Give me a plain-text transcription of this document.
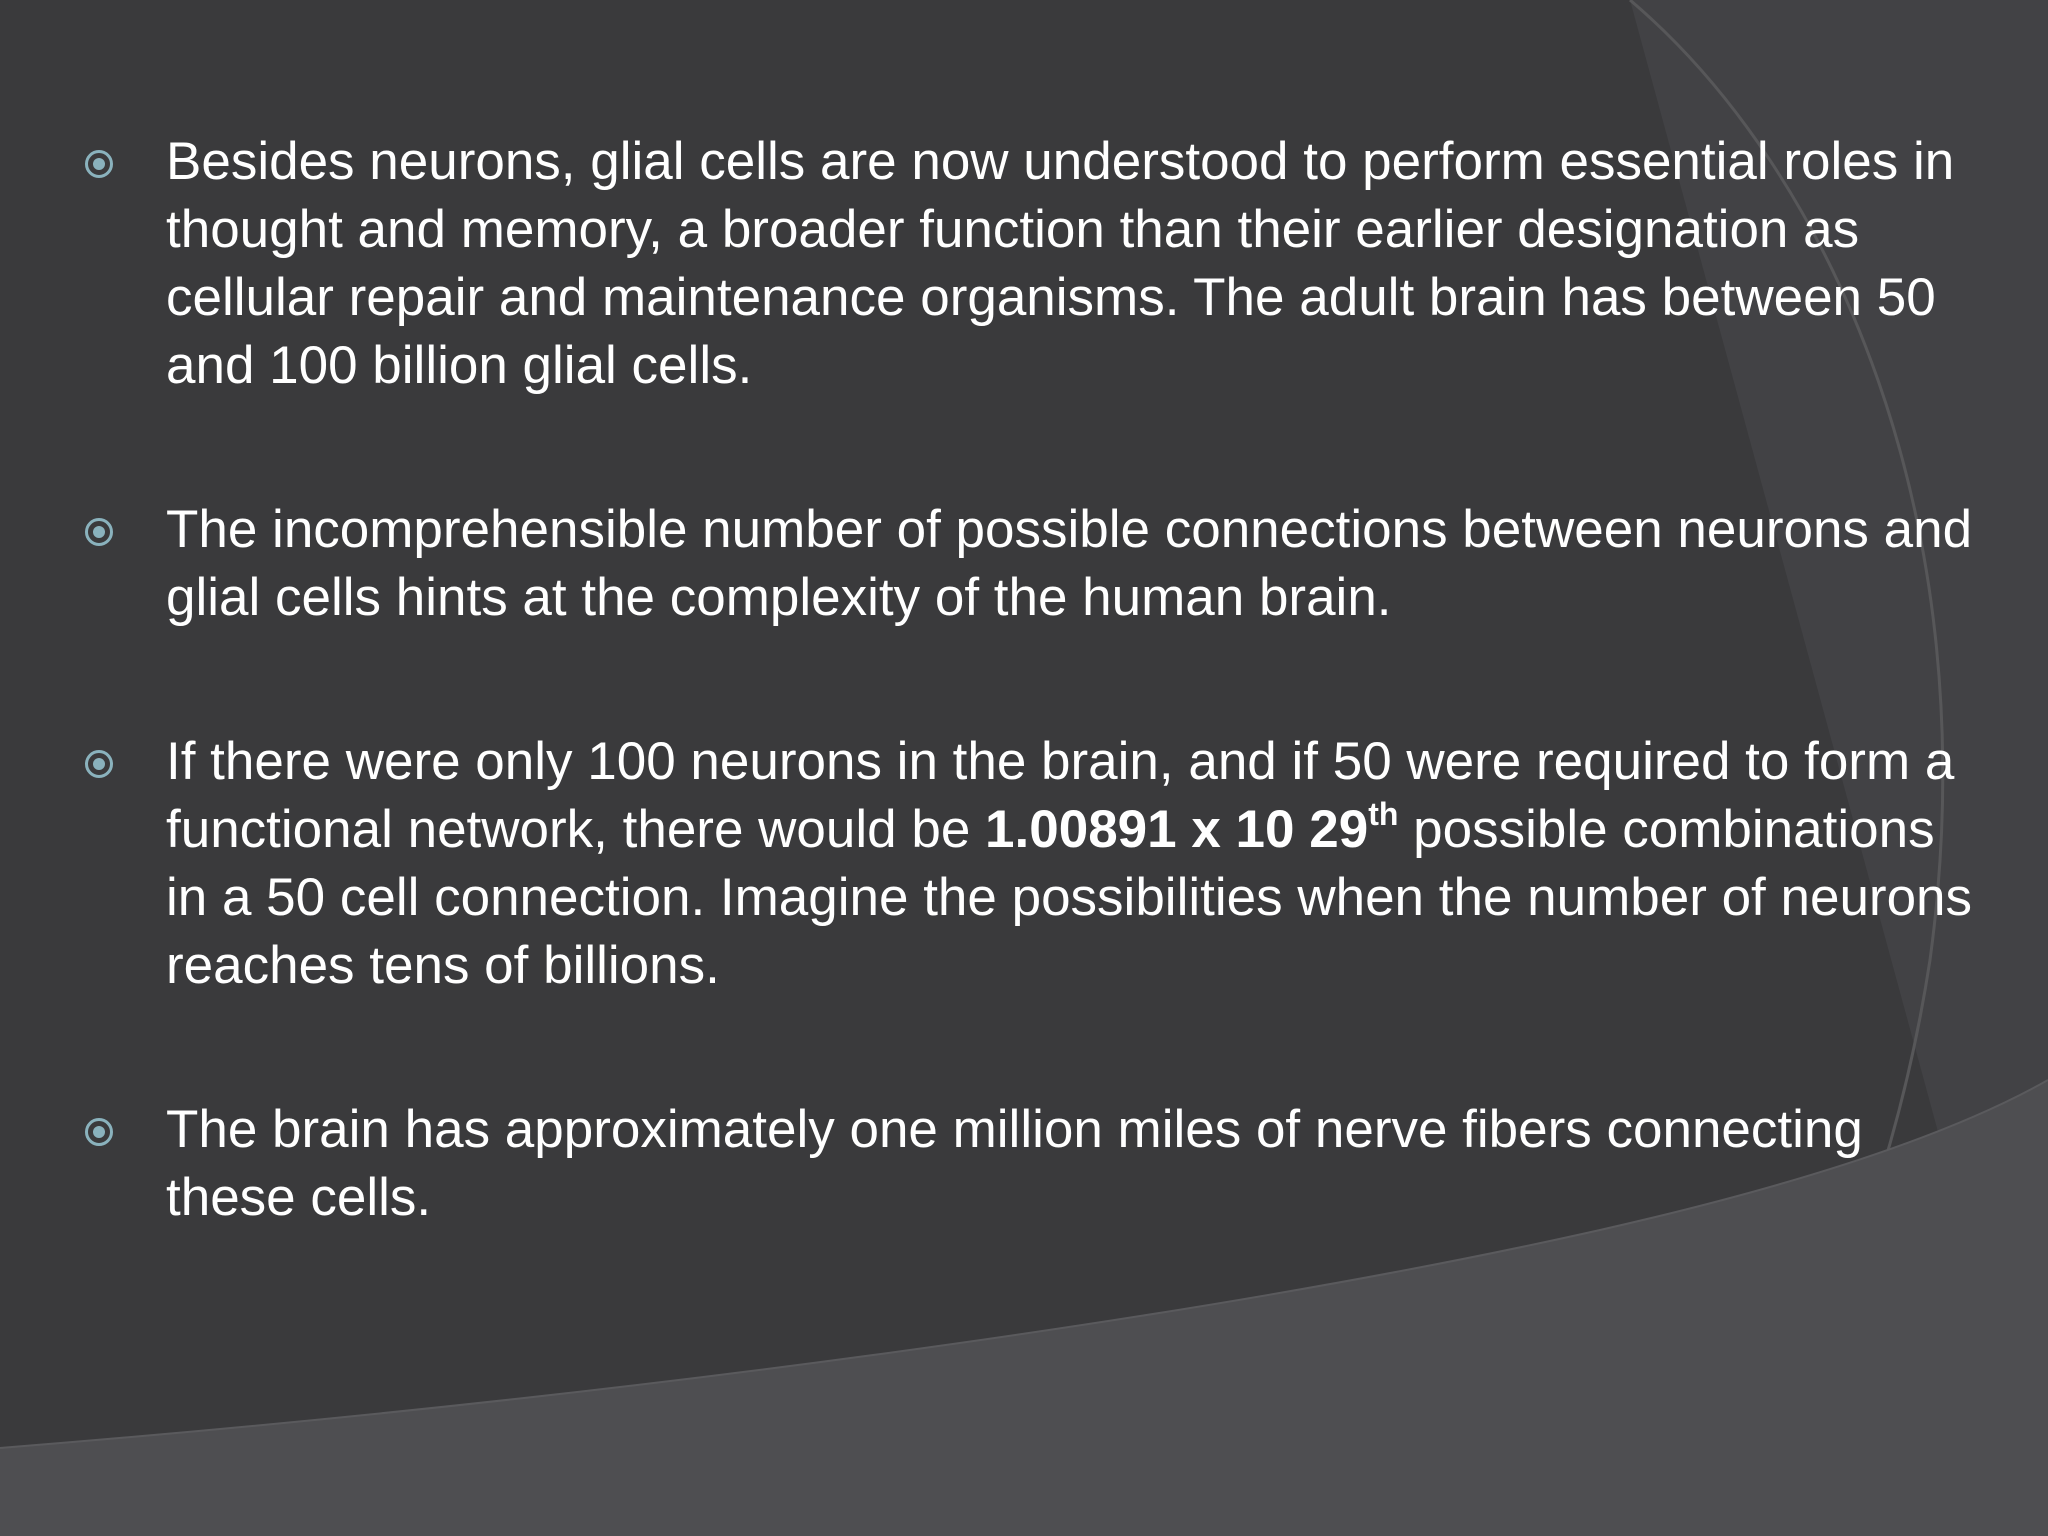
Besides neurons, glial cells are now understood to perform essential roles in thought and memory, a broader function than their earlier designation as cellular repair and maintenance organisms. The adult brain has between 50 and 100 billion glial cells.
The incomprehensible number of possible connections between neurons and glial cells hints at the complexity of the human brain.
If there were only 100 neurons in the brain, and if 50 were required to form a functional network, there would be 1.00891 x 10 29th possible combinations in a 50 cell connection. Imagine the possibilities when the number of neurons reaches tens of billions.
The brain has approximately one million miles of nerve fibers connecting these cells.
